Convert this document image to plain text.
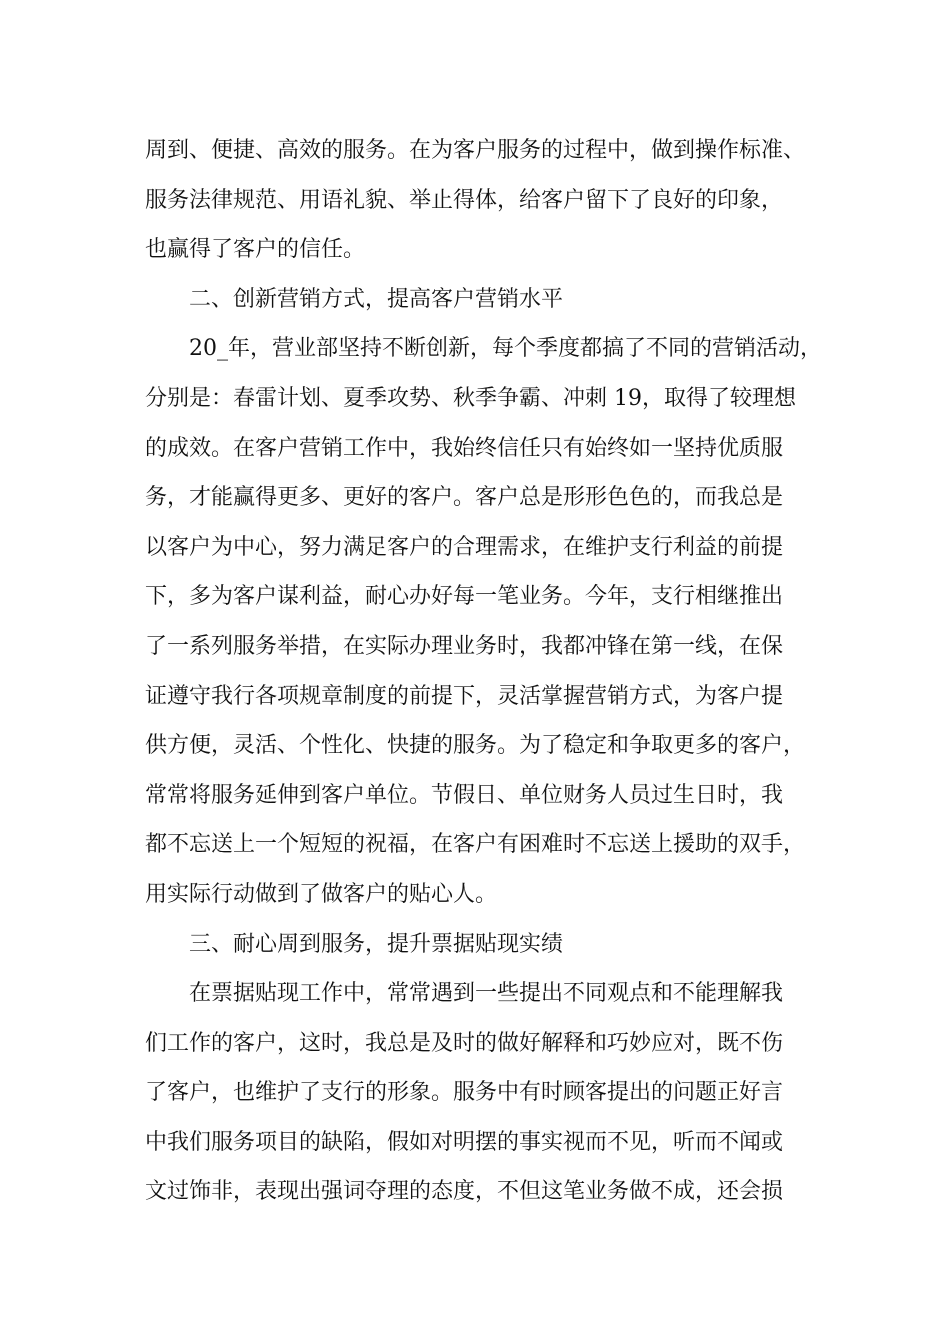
周到、便捷、高效的服务。在为客户服务的过程中，做到操作标准、
服务法律规范、用语礼貌、举止得体，给客户留下了良好的印象，
也赢得了客户的信任。
二、创新营销方式，提高客户营销水平
20_年，营业部坚持不断创新，每个季度都搞了不同的营销活动，
分别是：春雷计划、夏季攻势、秋季争霸、冲刺 19，取得了较理想
的成效。在客户营销工作中，我始终信任只有始终如一坚持优质服
务，才能赢得更多、更好的客户。客户总是形形色色的，而我总是
以客户为中心，努力满足客户的合理需求，在维护支行利益的前提
下，多为客户谋利益，耐心办好每一笔业务。今年，支行相继推出
了一系列服务举措，在实际办理业务时，我都冲锋在第一线，在保
证遵守我行各项规章制度的前提下，灵活掌握营销方式，为客户提
供方便，灵活、个性化、快捷的服务。为了稳定和争取更多的客户，
常常将服务延伸到客户单位。节假日、单位财务人员过生日时，我
都不忘送上一个短短的祝福，在客户有困难时不忘送上援助的双手，
用实际行动做到了做客户的贴心人。
三、耐心周到服务，提升票据贴现实绩
在票据贴现工作中，常常遇到一些提出不同观点和不能理解我
们工作的客户，这时，我总是及时的做好解释和巧妙应对，既不伤
了客户，也维护了支行的形象。服务中有时顾客提出的问题正好言
中我们服务项目的缺陷，假如对明摆的事实视而不见，听而不闻或
文过饰非，表现出强词夺理的态度，不但这笔业务做不成，还会损
